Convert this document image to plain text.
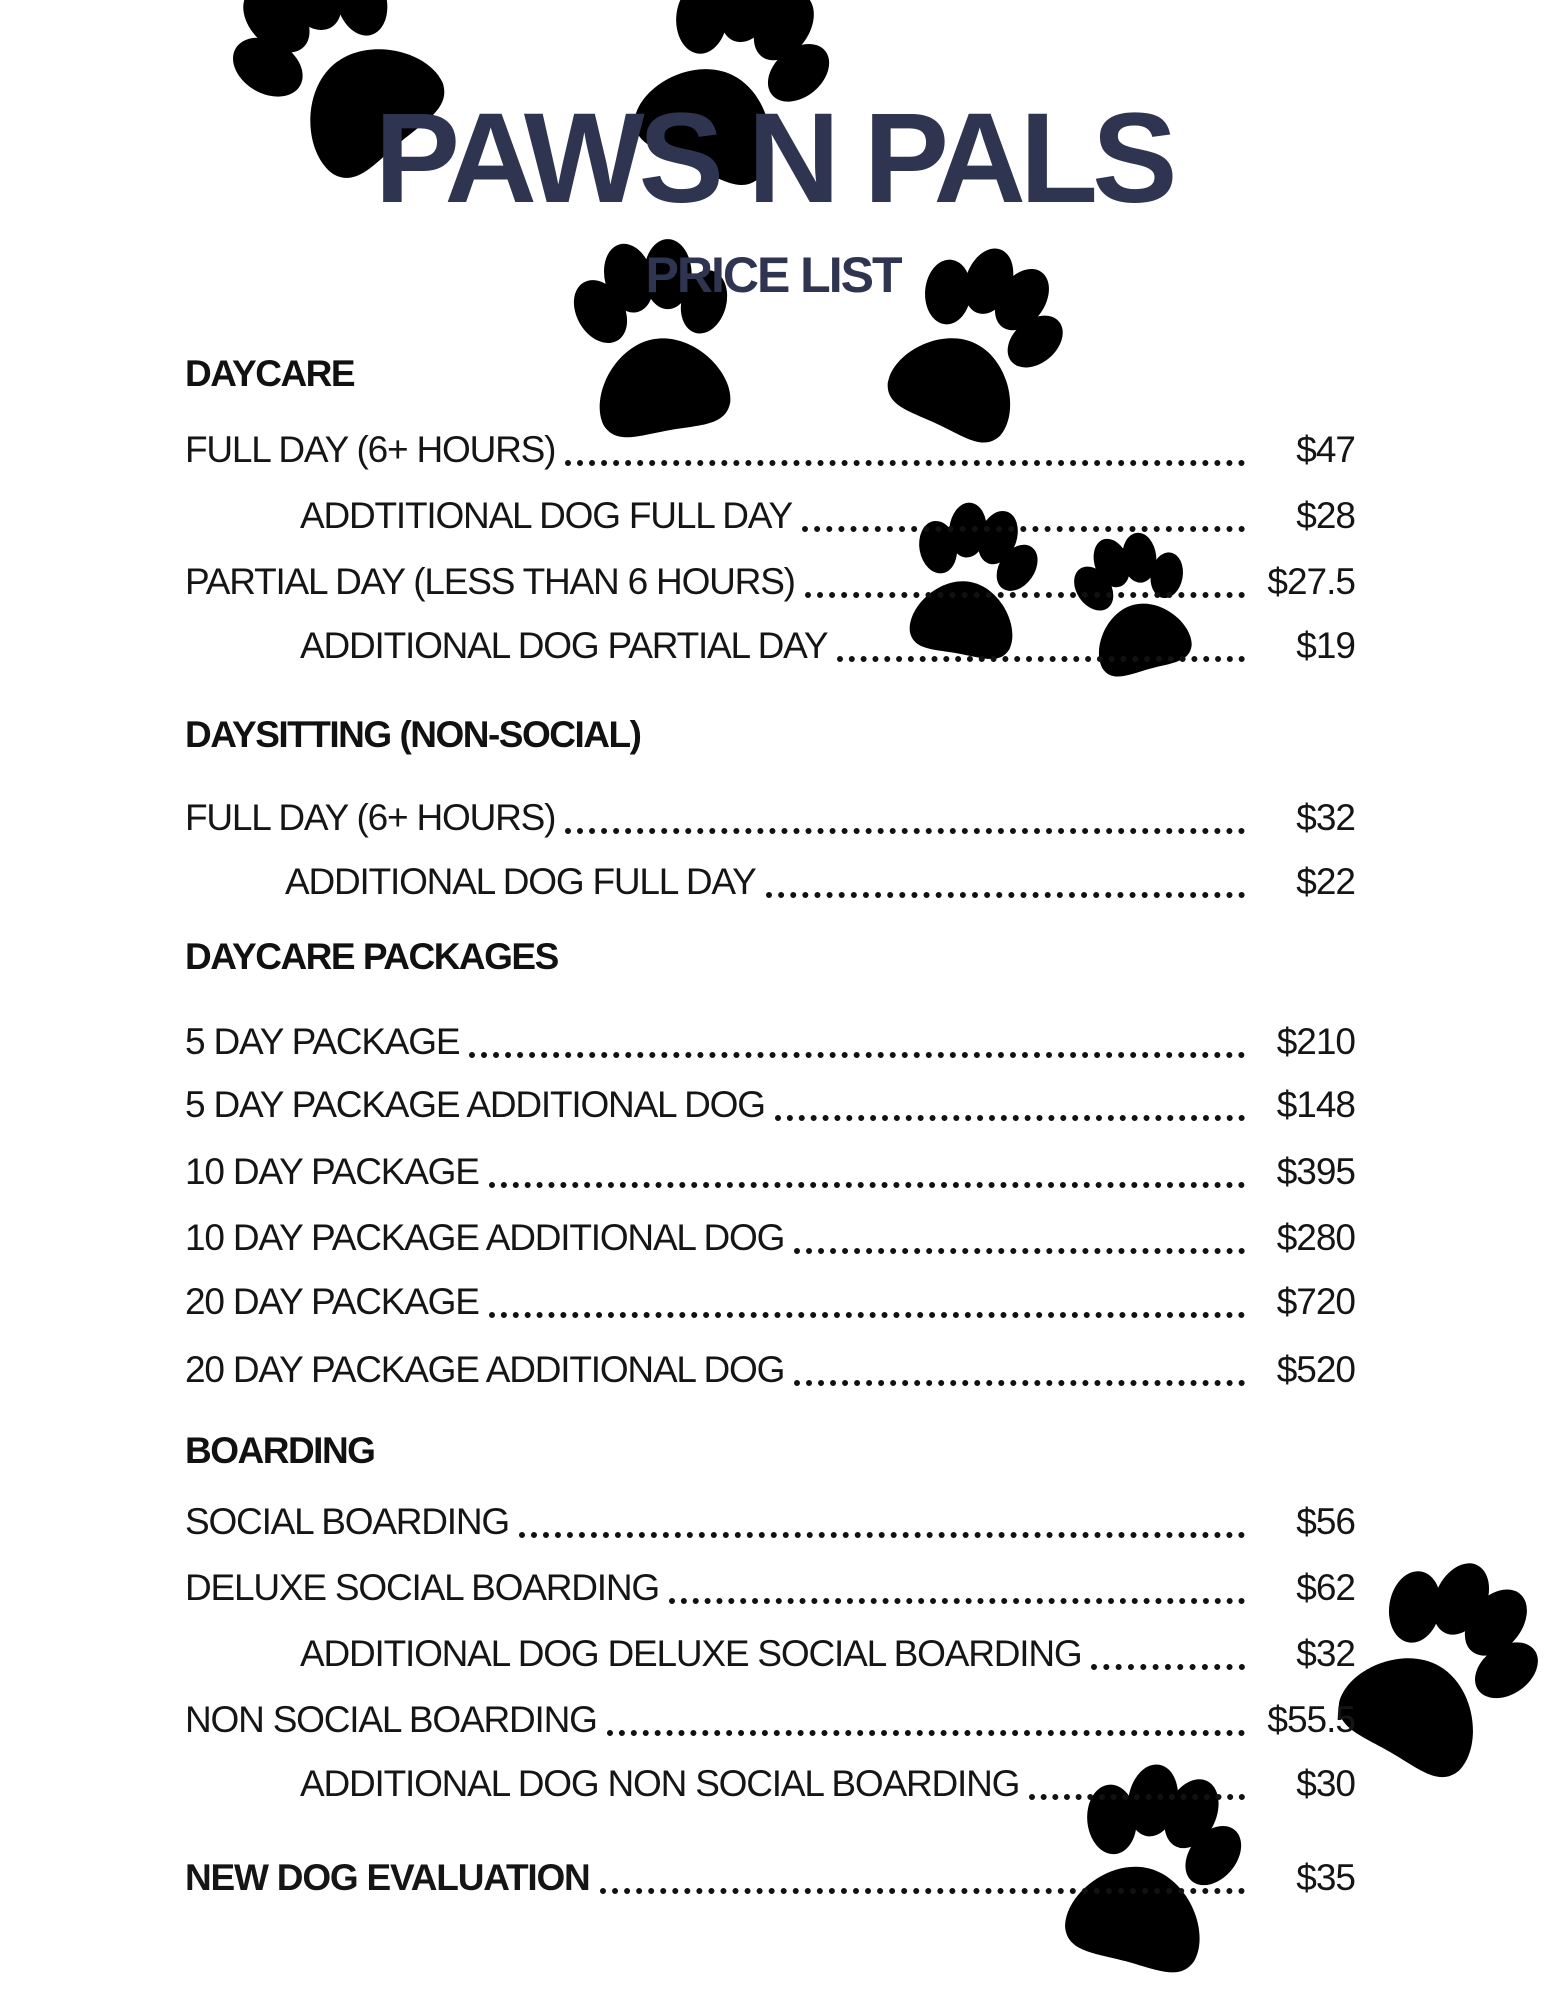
PAWS N PALS
PRICE LIST
DAYCARE
FULL DAY (6+ HOURS)	$47
ADDTITIONAL DOG FULL DAY	$28
PARTIAL DAY (LESS THAN 6 HOURS)	$27.5
ADDITIONAL DOG PARTIAL DAY	$19
DAYSITTING (NON-SOCIAL)
FULL DAY (6+ HOURS)	$32
ADDITIONAL DOG FULL DAY	$22
DAYCARE PACKAGES
5 DAY PACKAGE	$210
5 DAY PACKAGE ADDITIONAL DOG	$148
10 DAY PACKAGE	$395
10 DAY PACKAGE ADDITIONAL DOG	$280
20 DAY PACKAGE	$720
20 DAY PACKAGE ADDITIONAL DOG	$520
BOARDING
SOCIAL BOARDING	$56
DELUXE SOCIAL BOARDING	$62
ADDITIONAL DOG DELUXE SOCIAL BOARDING	$32
NON SOCIAL BOARDING	$55.5
ADDITIONAL DOG NON SOCIAL BOARDING	$30
NEW DOG EVALUATION	$35
